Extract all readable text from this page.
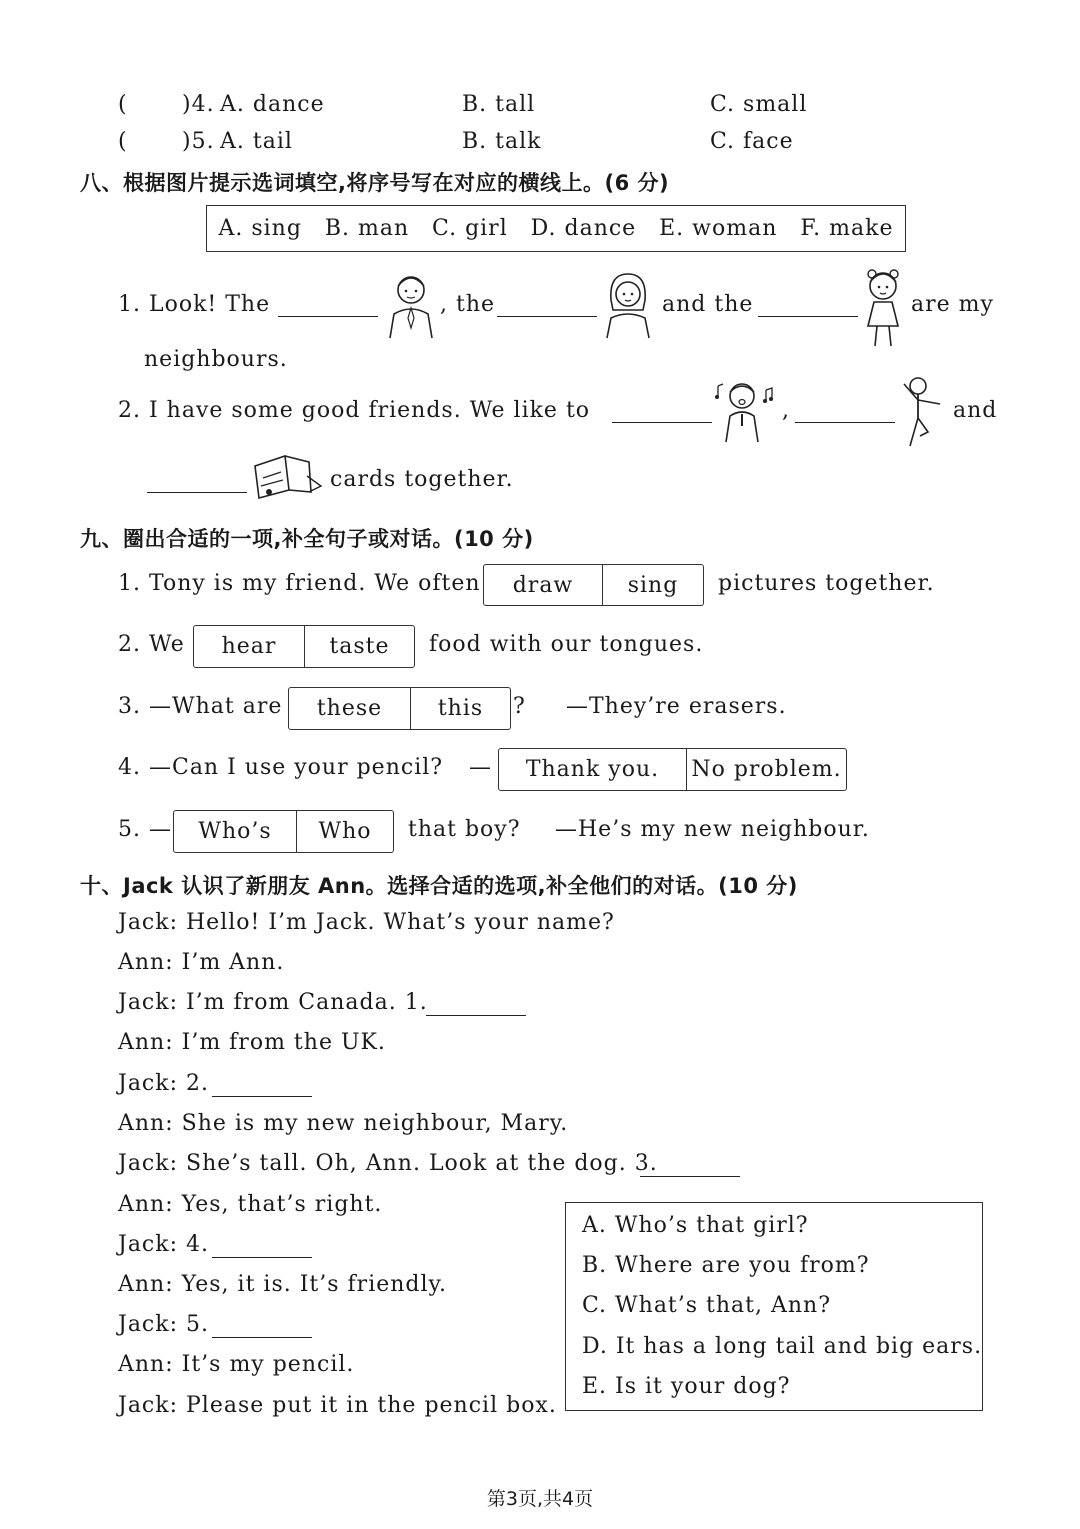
( )4. A. dance	B. tall	C. small
( )5. A. tail	B. talk	C. face
八、根据图片提示选词填空,将序号写在对应的横线上。(6 分)
A. sing B. man C. girl D. dance E. woman F. make
1. Look! The	, the	and the	are my
neighbours.
2. I have some good friends. We like to	,	and
cards together.
九、圈出合适的一项,补全句子或对话。(10 分)
1. Tony is my friend. We often	draw	sing	pictures together.
2. We	hear	taste	food with our tongues.
3. —What are	these	this	? —They’re erasers.
4. —Can I use your pencil? —	Thank you.	No problem.
5. —	Who’s	Who	that boy? —He’s my new neighbour.
十、Jack 认识了新朋友 Ann。选择合适的选项,补全他们的对话。(10 分)
Jack: Hello! I’m Jack. What’s your name?
Ann: I’m Ann.
Jack: I’m from Canada. 1.
Ann: I’m from the UK.
Jack: 2.
Ann: She is my new neighbour, Mary.
Jack: She’s tall. Oh, Ann. Look at the dog. 3.
Ann: Yes, that’s right.
Jack: 4.
Ann: Yes, it is. It’s friendly.
Jack: 5.
Ann: It’s my pencil.
Jack: Please put it in the pencil box.
A. Who’s that girl?
B. Where are you from?
C. What’s that, Ann?
D. It has a long tail and big ears.
E. Is it your dog?
第3页,共4页
